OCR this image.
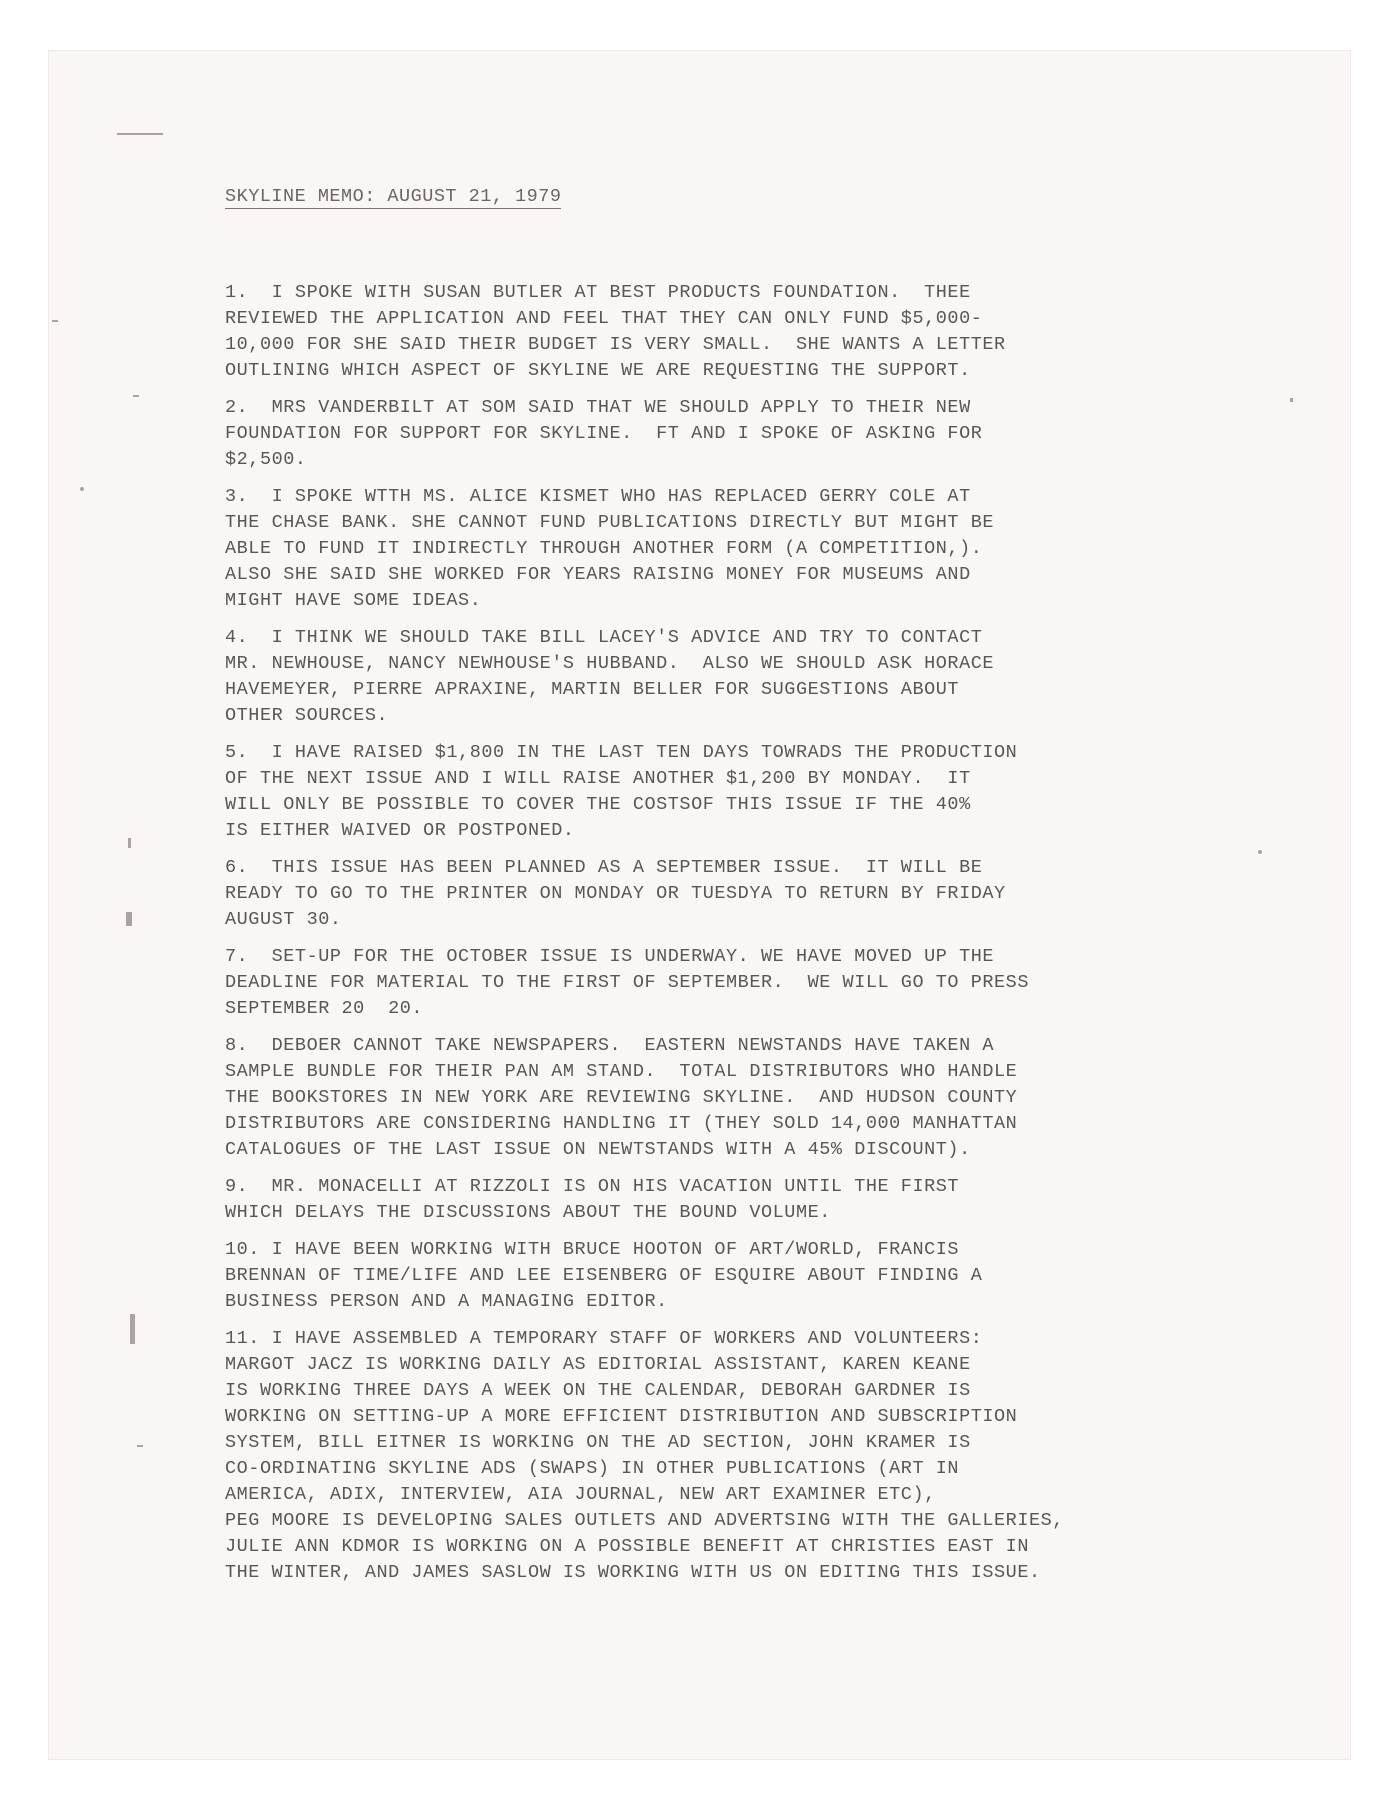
SKYLINE MEMO: AUGUST 21, 1979
1.  I SPOKE WITH SUSAN BUTLER AT BEST PRODUCTS FOUNDATION.  THEE
REVIEWED THE APPLICATION AND FEEL THAT THEY CAN ONLY FUND $5,000-
10,000 FOR SHE SAID THEIR BUDGET IS VERY SMALL.  SHE WANTS A LETTER
OUTLINING WHICH ASPECT OF SKYLINE WE ARE REQUESTING THE SUPPORT.
2.  MRS VANDERBILT AT SOM SAID THAT WE SHOULD APPLY TO THEIR NEW
FOUNDATION FOR SUPPORT FOR SKYLINE.  FT AND I SPOKE OF ASKING FOR
$2,500.
3.  I SPOKE WTTH MS. ALICE KISMET WHO HAS REPLACED GERRY COLE AT
THE CHASE BANK. SHE CANNOT FUND PUBLICATIONS DIRECTLY BUT MIGHT BE
ABLE TO FUND IT INDIRECTLY THROUGH ANOTHER FORM (A COMPETITION,).
ALSO SHE SAID SHE WORKED FOR YEARS RAISING MONEY FOR MUSEUMS AND
MIGHT HAVE SOME IDEAS.
4.  I THINK WE SHOULD TAKE BILL LACEY'S ADVICE AND TRY TO CONTACT
MR. NEWHOUSE, NANCY NEWHOUSE'S HUBBAND.  ALSO WE SHOULD ASK HORACE
HAVEMEYER, PIERRE APRAXINE, MARTIN BELLER FOR SUGGESTIONS ABOUT
OTHER SOURCES.
5.  I HAVE RAISED $1,800 IN THE LAST TEN DAYS TOWRADS THE PRODUCTION
OF THE NEXT ISSUE AND I WILL RAISE ANOTHER $1,200 BY MONDAY.  IT
WILL ONLY BE POSSIBLE TO COVER THE COSTSOF THIS ISSUE IF THE 40%
IS EITHER WAIVED OR POSTPONED.
6.  THIS ISSUE HAS BEEN PLANNED AS A SEPTEMBER ISSUE.  IT WILL BE
READY TO GO TO THE PRINTER ON MONDAY OR TUESDYA TO RETURN BY FRIDAY
AUGUST 30.
7.  SET-UP FOR THE OCTOBER ISSUE IS UNDERWAY. WE HAVE MOVED UP THE
DEADLINE FOR MATERIAL TO THE FIRST OF SEPTEMBER.  WE WILL GO TO PRESS
SEPTEMBER 20  20.
8.  DEBOER CANNOT TAKE NEWSPAPERS.  EASTERN NEWSTANDS HAVE TAKEN A
SAMPLE BUNDLE FOR THEIR PAN AM STAND.  TOTAL DISTRIBUTORS WHO HANDLE
THE BOOKSTORES IN NEW YORK ARE REVIEWING SKYLINE.  AND HUDSON COUNTY
DISTRIBUTORS ARE CONSIDERING HANDLING IT (THEY SOLD 14,000 MANHATTAN
CATALOGUES OF THE LAST ISSUE ON NEWTSTANDS WITH A 45% DISCOUNT).
9.  MR. MONACELLI AT RIZZOLI IS ON HIS VACATION UNTIL THE FIRST
WHICH DELAYS THE DISCUSSIONS ABOUT THE BOUND VOLUME.
10. I HAVE BEEN WORKING WITH BRUCE HOOTON OF ART/WORLD, FRANCIS
BRENNAN OF TIME/LIFE AND LEE EISENBERG OF ESQUIRE ABOUT FINDING A
BUSINESS PERSON AND A MANAGING EDITOR.
11. I HAVE ASSEMBLED A TEMPORARY STAFF OF WORKERS AND VOLUNTEERS:
MARGOT JACZ IS WORKING DAILY AS EDITORIAL ASSISTANT, KAREN KEANE
IS WORKING THREE DAYS A WEEK ON THE CALENDAR, DEBORAH GARDNER IS
WORKING ON SETTING-UP A MORE EFFICIENT DISTRIBUTION AND SUBSCRIPTION
SYSTEM, BILL EITNER IS WORKING ON THE AD SECTION, JOHN KRAMER IS
CO-ORDINATING SKYLINE ADS (SWAPS) IN OTHER PUBLICATIONS (ART IN
AMERICA, ADIX, INTERVIEW, AIA JOURNAL, NEW ART EXAMINER ETC),
PEG MOORE IS DEVELOPING SALES OUTLETS AND ADVERTSING WITH THE GALLERIES,
JULIE ANN KDMOR IS WORKING ON A POSSIBLE BENEFIT AT CHRISTIES EAST IN
THE WINTER, AND JAMES SASLOW IS WORKING WITH US ON EDITING THIS ISSUE.
